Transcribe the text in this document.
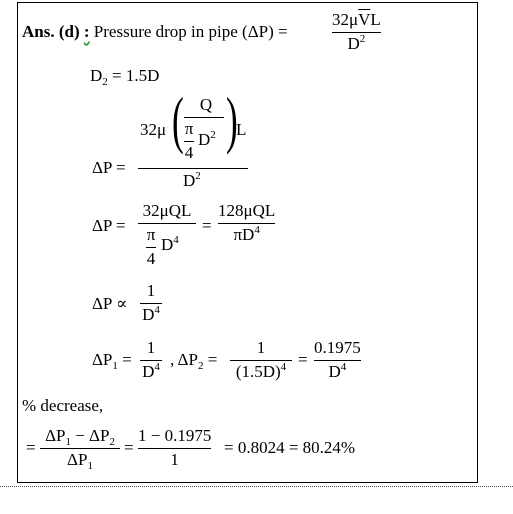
Ans. (d) : Pressure drop in pipe (ΔP) =
$32\mu\overline{V}L$
$D^2$
$D_2 = 1.5D$
ΔP =
32μ ( Q
π
4
$D^2$ )
L
$D^2$
ΔP =
32μQL
π
4
$D^4$
=
128μQL
$\pi D^4$
ΔP ∝
1
$D^4$
$\Delta P_1$ =
1
$D^4$ , $\Delta P_2$ =
1
$(1.5D)^4$ =
0.1975
$D^4$
% decrease,
=
$\Delta P_1 - \Delta P_2$
$\Delta P_1$
=
1 − 0.1975
1
= 0.8024 = 80.24%
